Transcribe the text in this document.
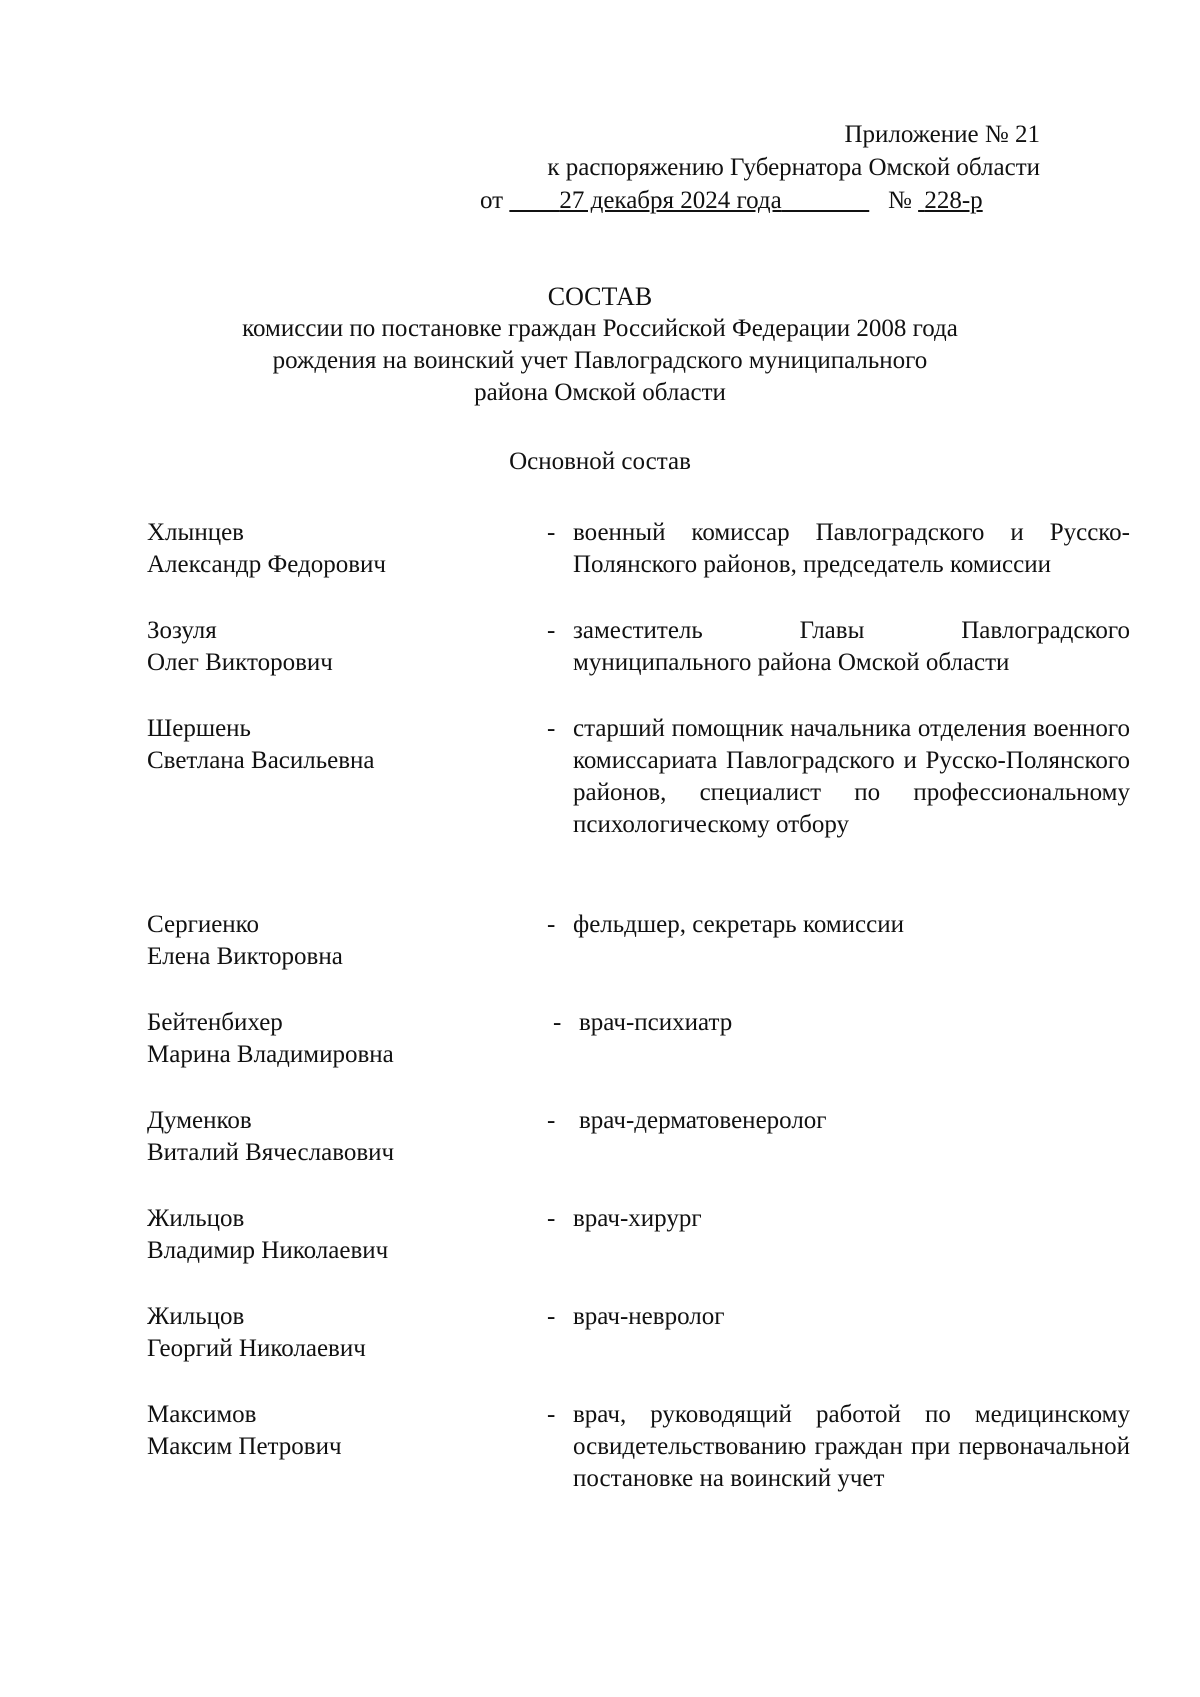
Приложение № 21
к распоряжению Губернатора Омской области
от 27 декабря 2024 года	№ 228-р
СОСТАВ
комиссии по постановке граждан Российской Федерации 2008 года
рождения на воинский учет Павлоградского муниципального
района Омской области
Основной состав
Хлынцев
Александр Федорович
- военный комиссар Павлоградского и Русско-Полянского районов, председатель комиссии
Зозуля
Олег Викторович
- заместитель Главы Павлоградского муниципального района Омской области
Шершень
Светлана Васильевна
- старший помощник начальника отделения военного комиссариата Павлоградского и Русско-Полянского районов, специалист по профессиональному психологическому отбору
Сергиенко
Елена Викторовна
- фельдшер, секретарь комиссии
Бейтенбихер
Марина Владимировна
- врач-психиатр
Думенков
Виталий Вячеславович
- врач-дерматовенеролог
Жильцов
Владимир Николаевич
- врач-хирург
Жильцов
Георгий Николаевич
- врач-невролог
Максимов
Максим Петрович
- врач, руководящий работой по медицинскому освидетельствованию граждан при первоначальной постановке на воинский учет
